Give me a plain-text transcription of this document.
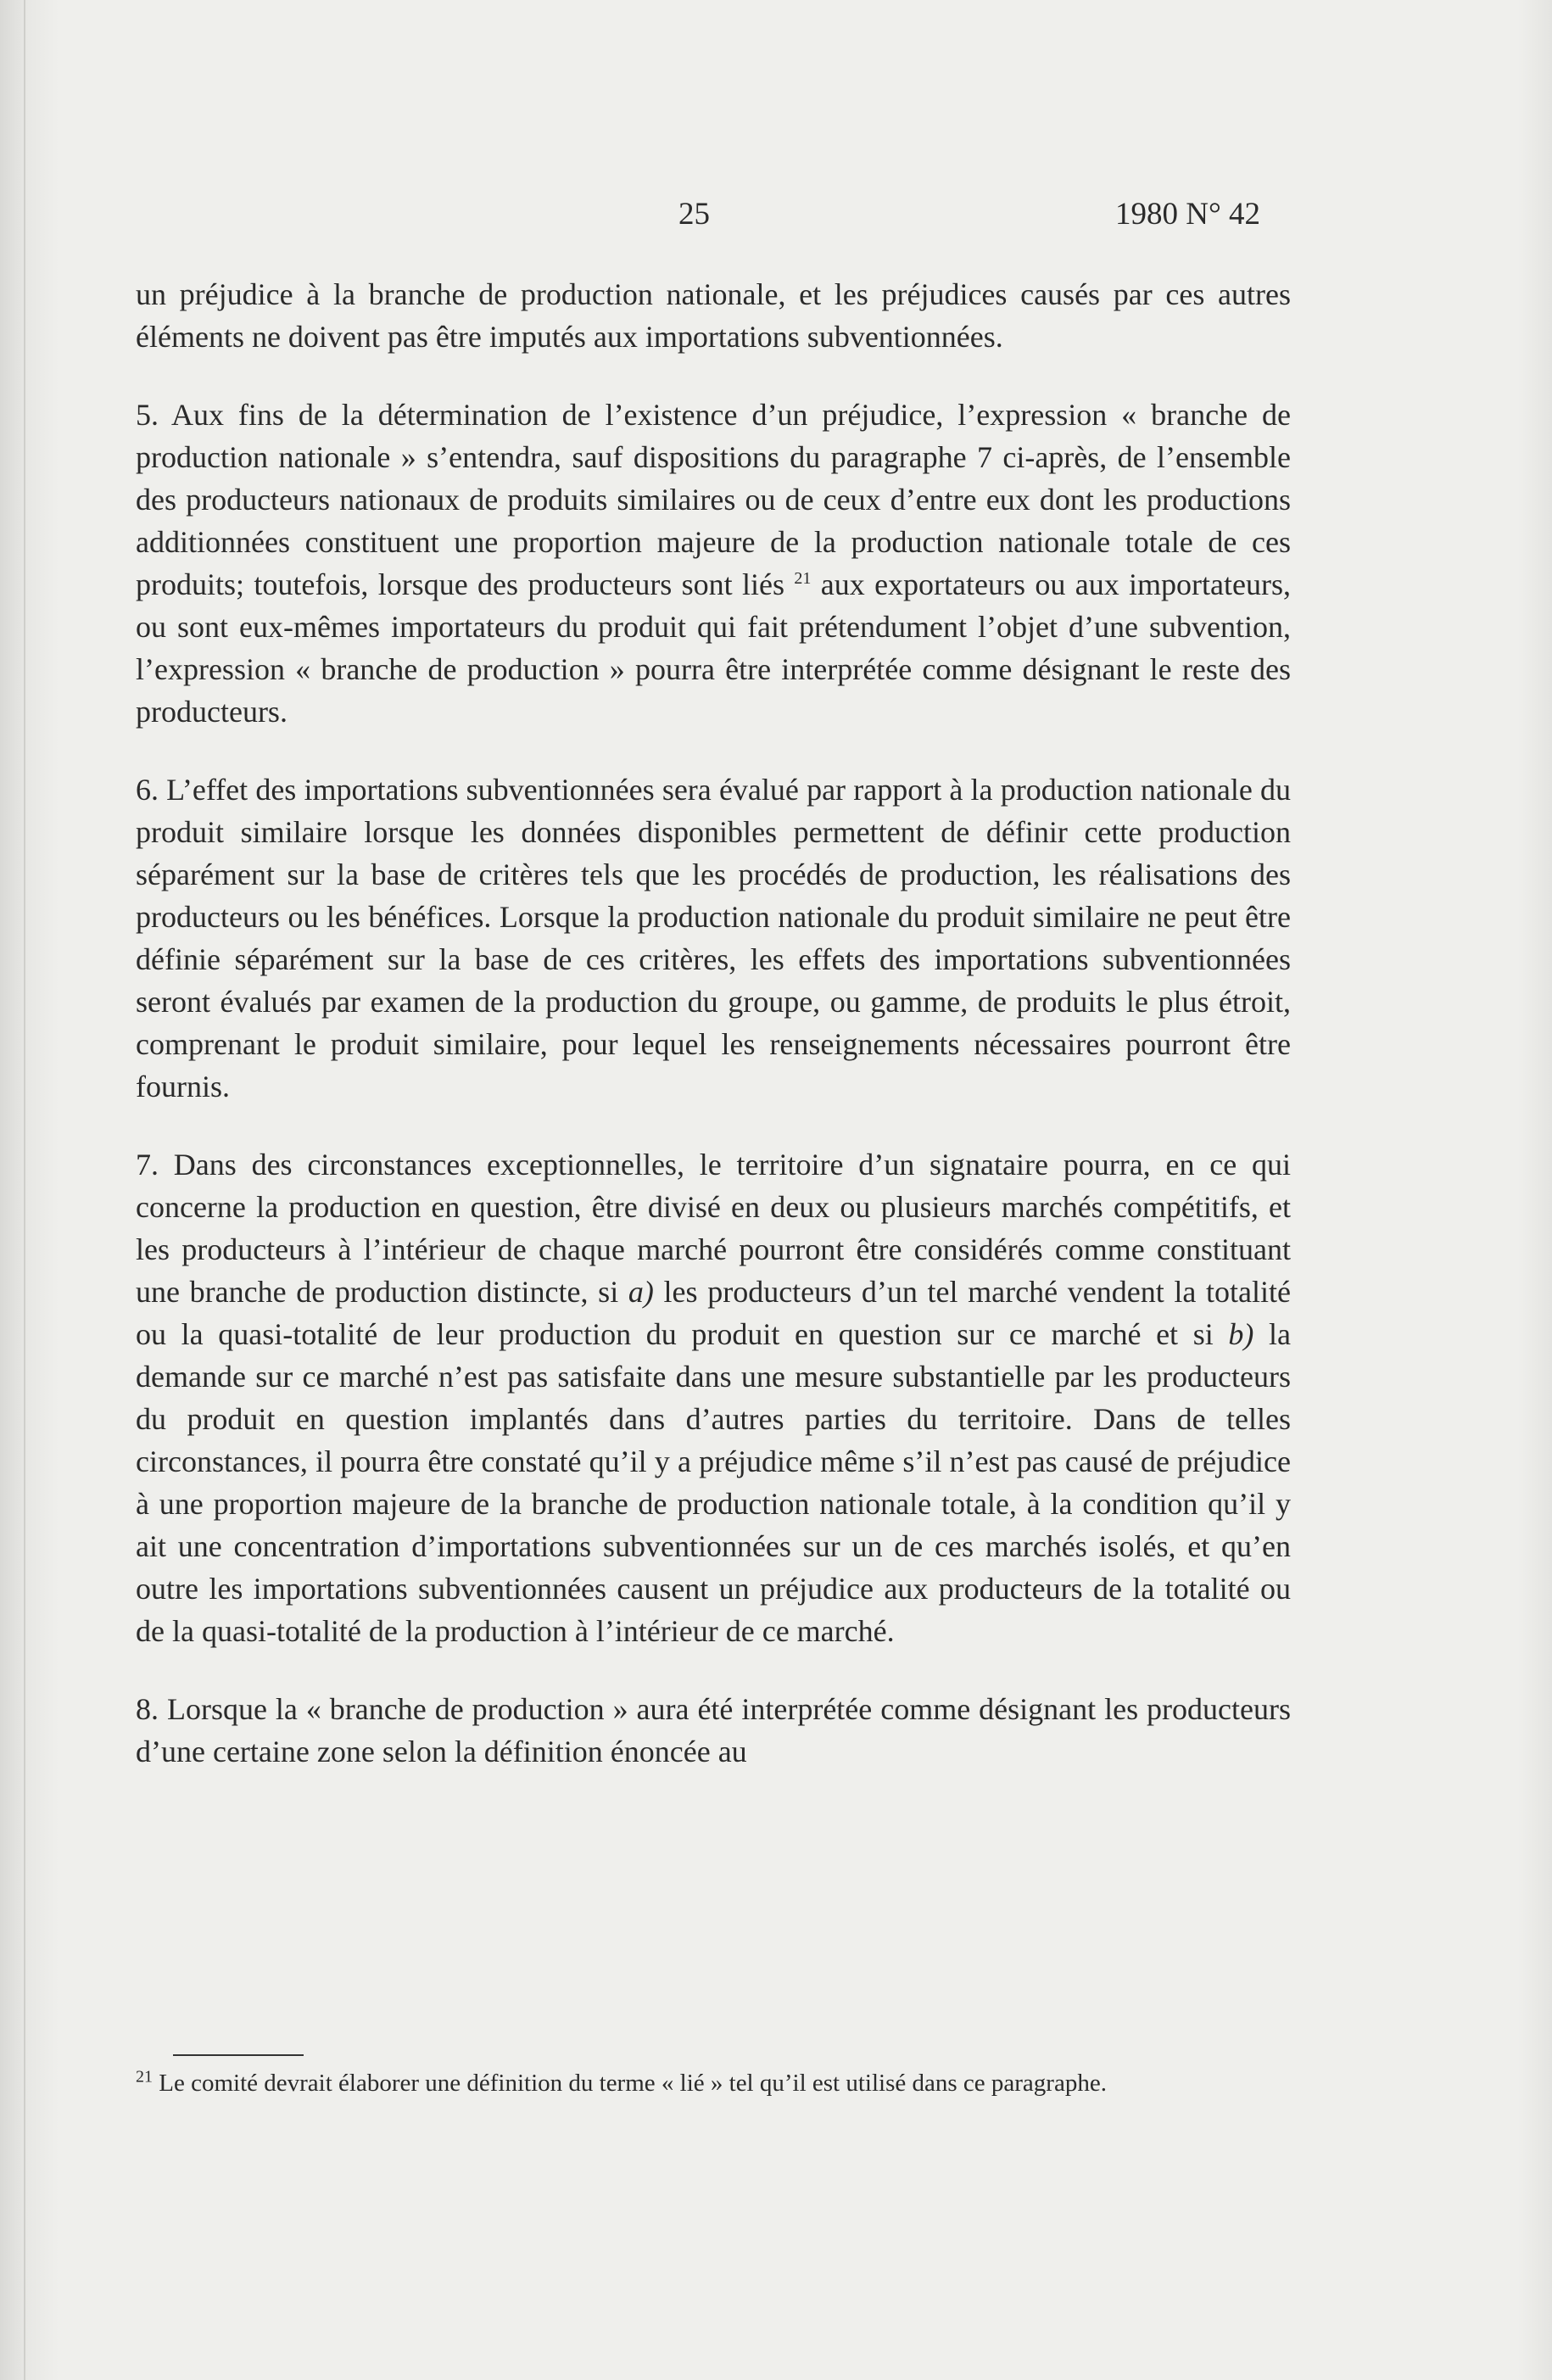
25	1980 N° 42

un préjudice à la branche de production nationale, et les préjudices causés par ces autres éléments ne doivent pas être imputés aux importations subventionnées.

5. Aux fins de la détermination de l’existence d’un préjudice, l’expression « branche de production nationale » s’entendra, sauf dispositions du paragraphe 7 ci-après, de l’ensemble des producteurs nationaux de produits similaires ou de ceux d’entre eux dont les productions additionnées constituent une proportion majeure de la production nationale totale de ces produits; toutefois, lorsque des producteurs sont liés $^{21}$ aux exportateurs ou aux importateurs, ou sont eux-mêmes importateurs du produit qui fait prétendument l’objet d’une subvention, l’expression « branche de production » pourra être interprétée comme désignant le reste des producteurs.

6. L’effet des importations subventionnées sera évalué par rapport à la production nationale du produit similaire lorsque les données disponibles permettent de définir cette production séparément sur la base de critères tels que les procédés de production, les réalisations des producteurs ou les bénéfices. Lorsque la production nationale du produit similaire ne peut être définie séparément sur la base de ces critères, les effets des importations subventionnées seront évalués par examen de la production du groupe, ou gamme, de produits le plus étroit, comprenant le produit similaire, pour lequel les renseignements nécessaires pourront être fournis.

7. Dans des circonstances exceptionnelles, le territoire d’un signataire pourra, en ce qui concerne la production en question, être divisé en deux ou plusieurs marchés compétitifs, et les producteurs à l’intérieur de chaque marché pourront être considérés comme constituant une branche de production distincte, si a) les producteurs d’un tel marché vendent la totalité ou la quasi-totalité de leur production du produit en question sur ce marché et si b) la demande sur ce marché n’est pas satisfaite dans une mesure substantielle par les producteurs du produit en question implantés dans d’autres parties du territoire. Dans de telles circonstances, il pourra être constaté qu’il y a préjudice même s’il n’est pas causé de préjudice à une proportion majeure de la branche de production nationale totale, à la condition qu’il y ait une concentration d’importations subventionnées sur un de ces marchés isolés, et qu’en outre les importations subventionnées causent un préjudice aux producteurs de la totalité ou de la quasi-totalité de la production à l’intérieur de ce marché.

8. Lorsque la « branche de production » aura été interprétée comme désignant les producteurs d’une certaine zone selon la définition énoncée au

$^{21}$ Le comité devrait élaborer une définition du terme « lié » tel qu’il est utilisé dans ce paragraphe.
